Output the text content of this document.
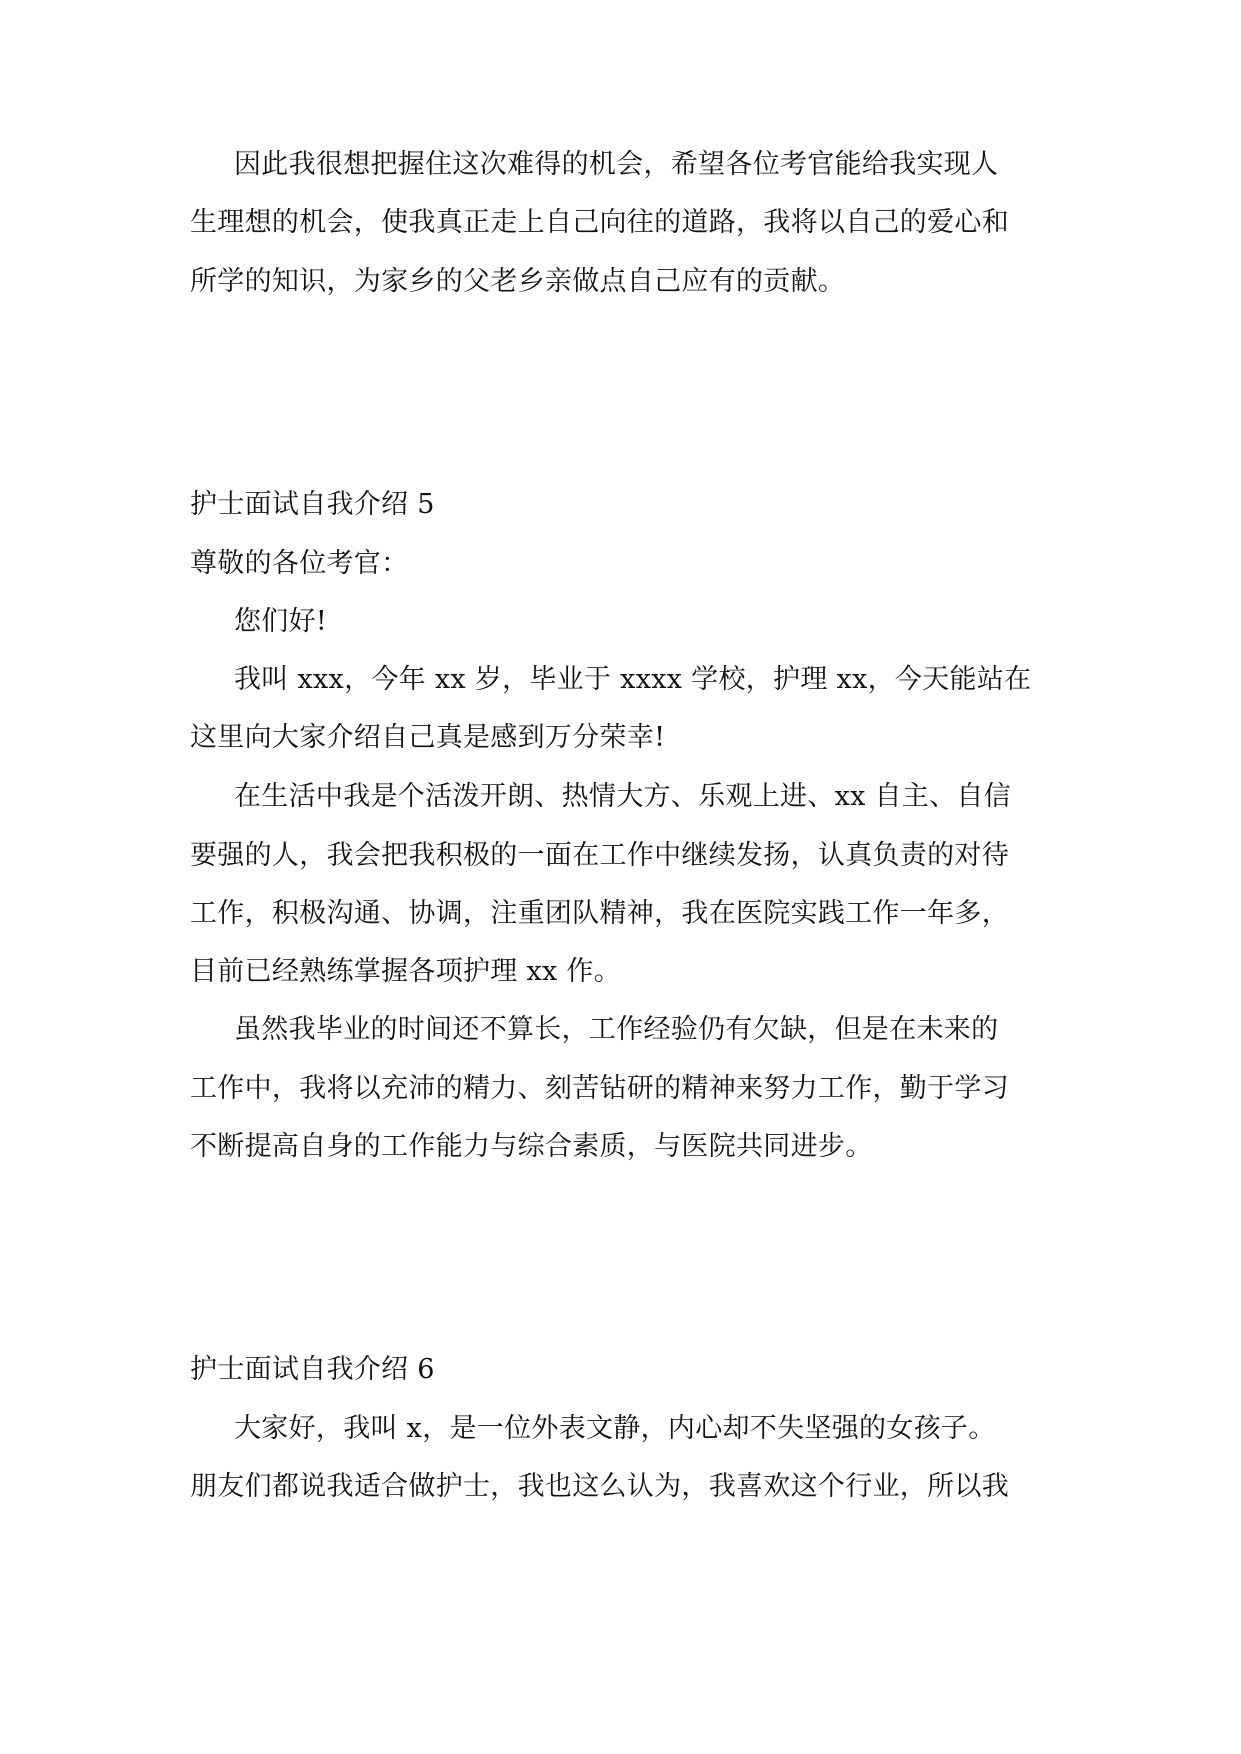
因此我很想把握住这次难得的机会，希望各位考官能给我实现人
生理想的机会，使我真正走上自己向往的道路，我将以自己的爱心和
所学的知识，为家乡的父老乡亲做点自己应有的贡献。
护士面试自我介绍 5
尊敬的各位考官：
您们好!
我叫 xxx，今年 xx 岁，毕业于 xxxx 学校，护理 xx，今天能站在
这里向大家介绍自己真是感到万分荣幸!
在生活中我是个活泼开朗、热情大方、乐观上进、xx 自主、自信
要强的人，我会把我积极的一面在工作中继续发扬，认真负责的对待
工作，积极沟通、协调，注重团队精神，我在医院实践工作一年多，
目前已经熟练掌握各项护理 xx 作。
虽然我毕业的时间还不算长，工作经验仍有欠缺，但是在未来的
工作中，我将以充沛的精力、刻苦钻研的精神来努力工作，勤于学习
不断提高自身的工作能力与综合素质，与医院共同进步。
护士面试自我介绍 6
大家好，我叫 x，是一位外表文静，内心却不失坚强的女孩子。
朋友们都说我适合做护士，我也这么认为，我喜欢这个行业，所以我
